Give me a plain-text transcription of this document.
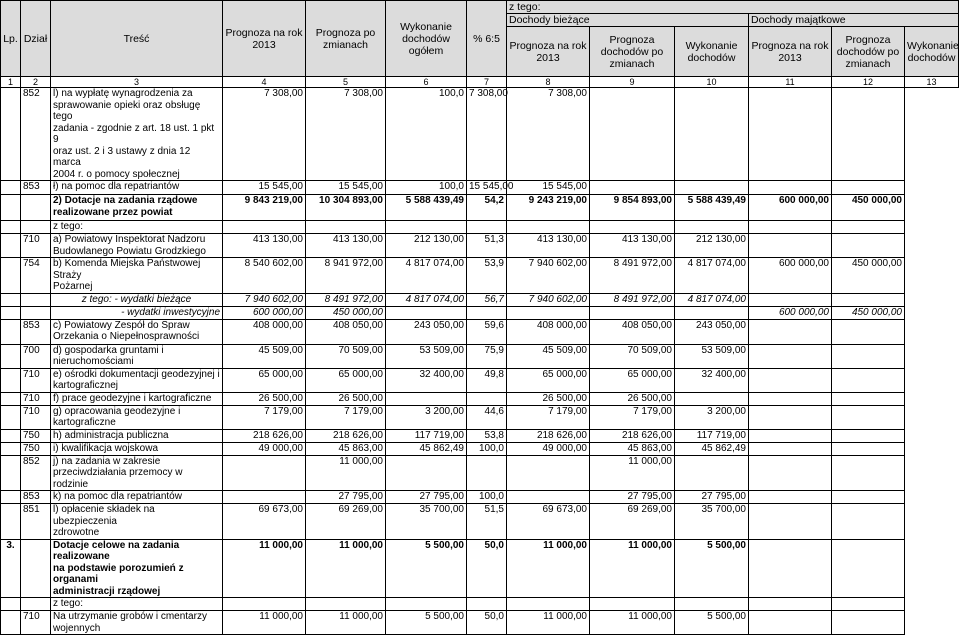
Lp.	Dział	Treść	Prognoza na rok 2013	Prognoza po zmianach	Wykonanie dochodów ogółem	% 6:5	z tego:					
							Dochody bieżące			Dochody majątkowe		
							Prognoza na rok 2013	Prognoza dochodów po zmianach	Wykonanie dochodów	Prognoza na rok 2013	Prognoza dochodów po zmianach	Wykonanie dochodów
1	2	3	4	5	6	7	8	9	10	11	12	13
	852	l) na wypłatę wynagrodzenia za
sprawowanie opieki oraz obsługę tego
zadania - zgodnie z art. 18 ust. 1 pkt 9
oraz ust. 2 i 3 ustawy z dnia 12 marca
2004 r. o pomocy społecznej	7 308,00	7 308,00	100,0	7 308,00	7 308,00					
	853	ł) na pomoc dla repatriantów	15 545,00	15 545,00	100,0	15 545,00	15 545,00					

		2) Dotacje na zadania rządowe
realizowane przez powiat	9 843 219,00	10 304 893,00	5 588 439,49	54,2	9 243 219,00	9 854 893,00	5 588 439,49	600 000,00	450 000,00	

		z tego:										

	710	a) Powiatowy Inspektorat Nadzoru
Budowlanego Powiatu Grodzkiego	413 130,00	413 130,00	212 130,00	51,3	413 130,00	413 130,00	212 130,00			
	754	b) Komenda Miejska Państwowej Straży
Pożarnej	8 540 602,00	8 941 972,00	4 817 074,00	53,9	7 940 602,00	8 491 972,00	4 817 074,00	600 000,00	450 000,00	

		z tego: - wydatki bieżące	7 940 602,00	8 491 972,00	4 817 074,00	56,7	7 940 602,00	8 491 972,00	4 817 074,00			

		- wydatki inwestycyjne	600 000,00	450 000,00						600 000,00	450 000,00	
	853	c) Powiatowy Zespół do Spraw
Orzekania o Niepełnosprawności	408 000,00	408 050,00	243 050,00	59,6	408 000,00	408 050,00	243 050,00			
	700	d) gospodarka gruntami i
nieruchomościami	45 509,00	70 509,00	53 509,00	75,9	45 509,00	70 509,00	53 509,00			
	710	e) ośrodki dokumentacji geodezyjnej i
kartograficznej	65 000,00	65 000,00	32 400,00	49,8	65 000,00	65 000,00	32 400,00			
	710	f) prace geodezyjne i kartograficzne	26 500,00	26 500,00			26 500,00	26 500,00				
	710	g) opracowania geodezyjne i
kartograficzne	7 179,00	7 179,00	3 200,00	44,6	7 179,00	7 179,00	3 200,00			
	750	h) administracja publiczna	218 626,00	218 626,00	117 719,00	53,8	218 626,00	218 626,00	117 719,00			
	750	i) kwalifikacja wojskowa	49 000,00	45 863,00	45 862,49	100,0	49 000,00	45 863,00	45 862,49			
	852	j) na zadania w zakresie
przeciwdziałania przemocy w rodzinie		11 000,00				11 000,00				
	853	k) na pomoc dla repatriantów		27 795,00	27 795,00	100,0		27 795,00	27 795,00			
	851	l) opłacenie składek na ubezpieczenia
zdrowotne	69 673,00	69 269,00	35 700,00	51,5	69 673,00	69 269,00	35 700,00			
3.		Dotacje celowe na zadania realizowane
na podstawie porozumień z organami
administracji rządowej	11 000,00	11 000,00	5 500,00	50,0	11 000,00	11 000,00	5 500,00			

		z tego:										

	710	Na utrzymanie grobów i cmentarzy
wojennych	11 000,00	11 000,00	5 500,00	50,0	11 000,00	11 000,00	5 500,00			
